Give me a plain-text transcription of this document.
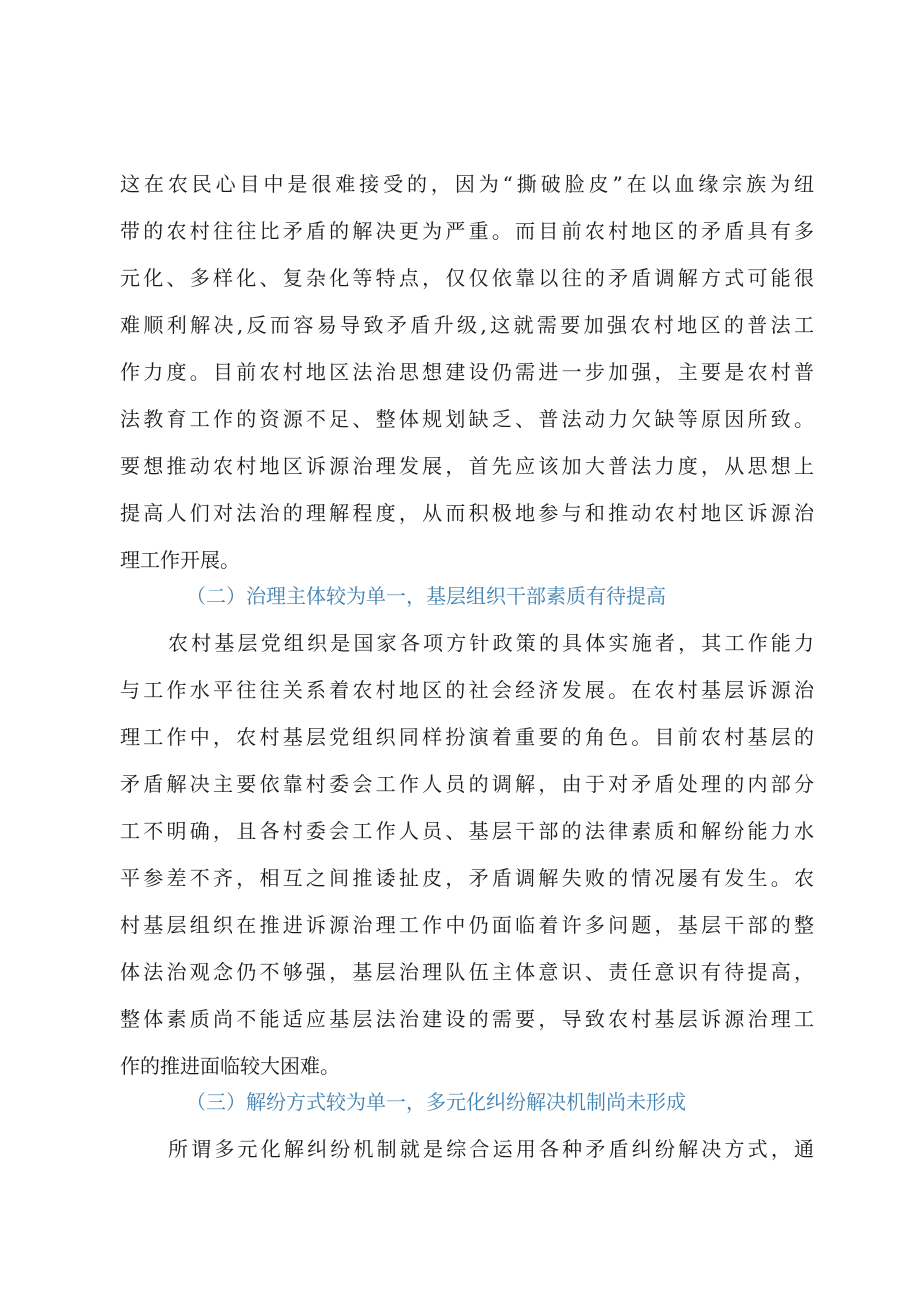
这在农民心目中是很难接受的，因为“撕破脸皮”在以血缘宗族为纽
带的农村往往比矛盾的解决更为严重。而目前农村地区的矛盾具有多
元化、多样化、复杂化等特点，仅仅依靠以往的矛盾调解方式可能很
难顺利解决,反而容易导致矛盾升级,这就需要加强农村地区的普法工
作力度。目前农村地区法治思想建设仍需进一步加强，主要是农村普
法教育工作的资源不足、整体规划缺乏、普法动力欠缺等原因所致。
要想推动农村地区诉源治理发展，首先应该加大普法力度，从思想上
提高人们对法治的理解程度，从而积极地参与和推动农村地区诉源治
理工作开展。
（二）治理主体较为单一，基层组织干部素质有待提高
农村基层党组织是国家各项方针政策的具体实施者，其工作能力
与工作水平往往关系着农村地区的社会经济发展。在农村基层诉源治
理工作中，农村基层党组织同样扮演着重要的角色。目前农村基层的
矛盾解决主要依靠村委会工作人员的调解，由于对矛盾处理的内部分
工不明确，且各村委会工作人员、基层干部的法律素质和解纷能力水
平参差不齐，相互之间推诿扯皮，矛盾调解失败的情况屡有发生。农
村基层组织在推进诉源治理工作中仍面临着许多问题，基层干部的整
体法治观念仍不够强，基层治理队伍主体意识、责任意识有待提高，
整体素质尚不能适应基层法治建设的需要，导致农村基层诉源治理工
作的推进面临较大困难。
（三）解纷方式较为单一，多元化纠纷解决机制尚未形成
所谓多元化解纠纷机制就是综合运用各种矛盾纠纷解决方式，通
